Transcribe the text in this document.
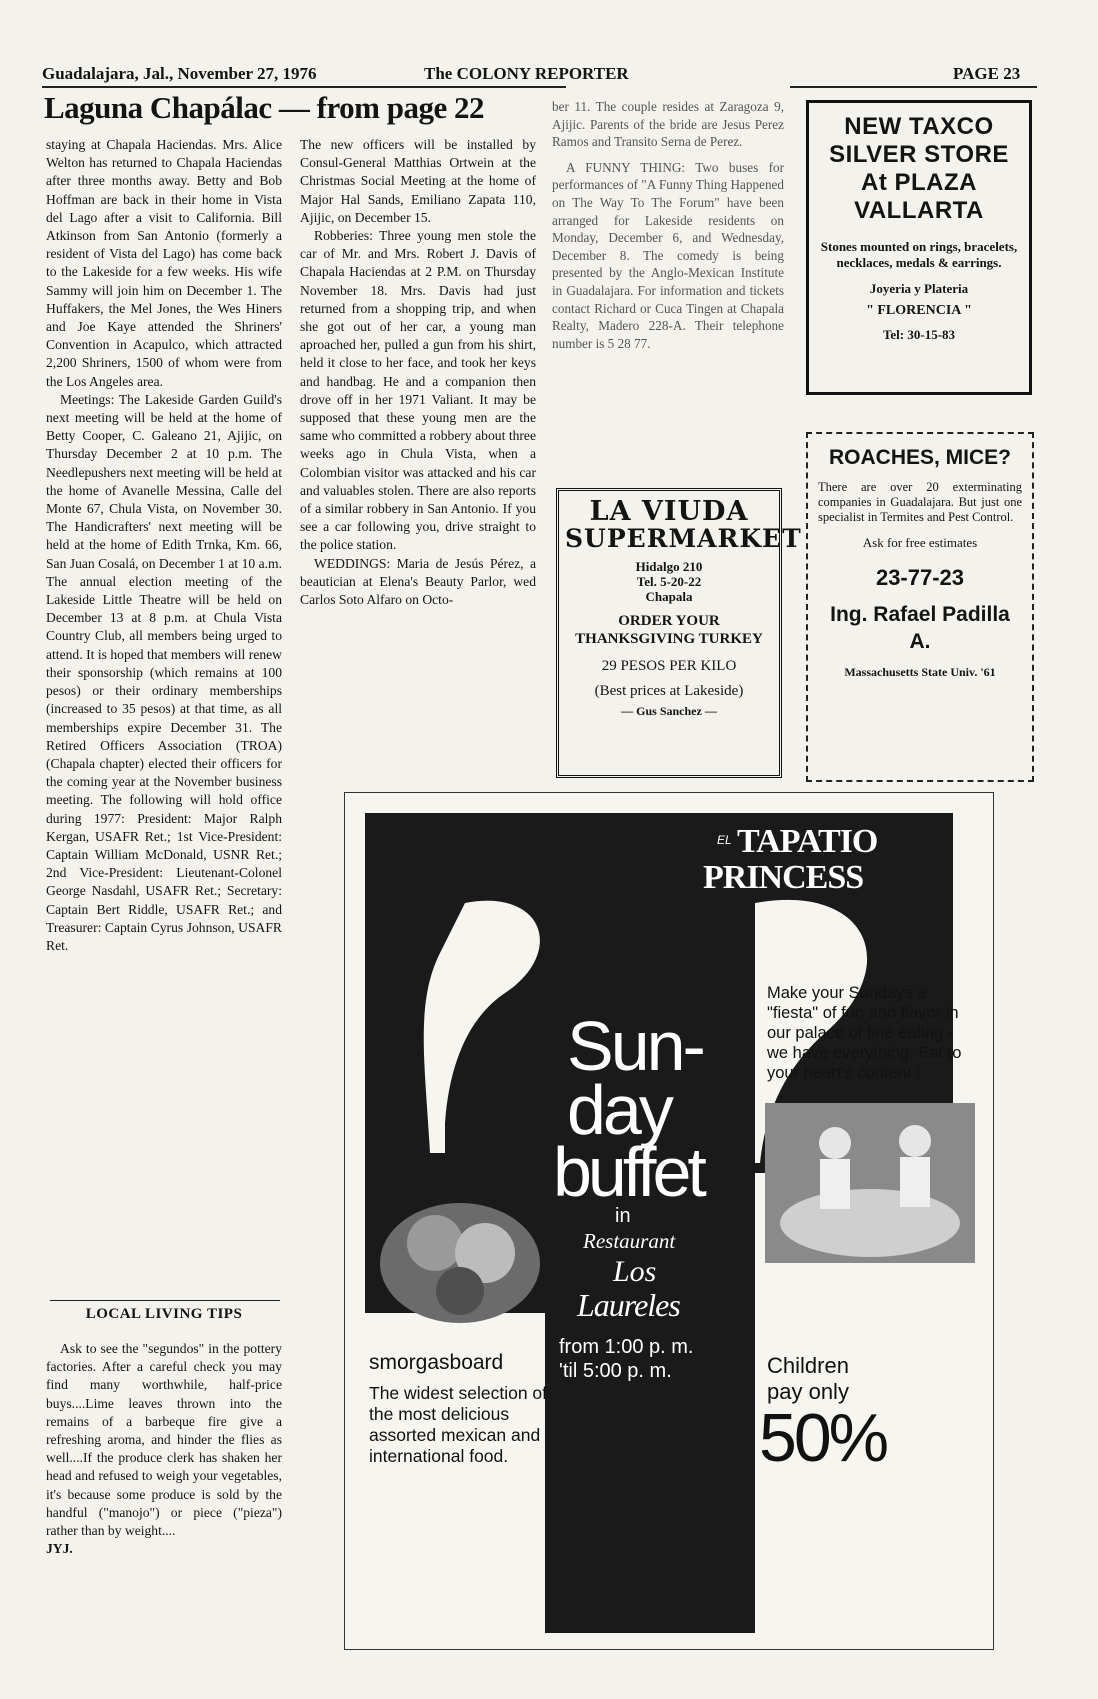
Guadalajara, Jal., November 27, 1976	The COLONY REPORTER	PAGE 23
Laguna Chapálac — from page 22

staying at Chapala Haciendas. Mrs. Alice Welton has returned to Chapala Haciendas after three months away. Betty and Bob Hoffman are back in their home in Vista del Lago after a visit to California. Bill Atkinson from San Antonio (formerly a resident of Vista del Lago) has come back to the Lakeside for a few weeks. His wife Sammy will join him on December 1. The Huffakers, the Mel Jones, the Wes Hiners and Joe Kaye attended the Shriners' Convention in Acapulco, which attracted 2,200 Shriners, 1500 of whom were from the Los Angeles area.

Meetings: The Lakeside Garden Guild's next meeting will be held at the home of Betty Cooper, C. Galeano 21, Ajijic, on Thursday December 2 at 10 p.m. The Needlepushers next meeting will be held at the home of Avanelle Messina, Calle del Monte 67, Chula Vista, on November 30. The Handicrafters' next meeting will be held at the home of Edith Trnka, Km. 66, San Juan Cosalá, on December 1 at 10 a.m. The annual election meeting of the Lakeside Little Theatre will be held on December 13 at 8 p.m. at Chula Vista Country Club, all members being urged to attend. It is hoped that members will renew their sponsorship (which remains at 100 pesos) or their ordinary memberships (increased to 35 pesos) at that time, as all memberships expire December 31. The Retired Officers Association (TROA) (Chapala chapter) elected their officers for the coming year at the November business meeting. The following will hold office during 1977: President: Major Ralph Kergan, USAFR Ret.; 1st Vice-President: Captain William McDonald, USNR Ret.; 2nd Vice-President: Lieutenant-Colonel George Nasdahl, USAFR Ret.; Secretary: Captain Bert Riddle, USAFR Ret.; and Treasurer: Captain Cyrus Johnson, USAFR Ret.

LOCAL LIVING TIPS

Ask to see the "segundos" in the pottery factories. After a careful check you may find many worthwhile, half-price buys....Lime leaves thrown into the remains of a barbeque fire give a refreshing aroma, and hinder the flies as well....If the produce clerk has shaken her head and refused to weigh your vegetables, it's because some produce is sold by the handful ("manojo") or piece ("pieza") rather than by weight....

JYJ.

The new officers will be installed by Consul-General Matthias Ortwein at the Christmas Social Meeting at the home of Major Hal Sands, Emiliano Zapata 110, Ajijic, on December 15.

Robberies: Three young men stole the car of Mr. and Mrs. Robert J. Davis of Chapala Haciendas at 2 P.M. on Thursday November 18. Mrs. Davis had just returned from a shopping trip, and when she got out of her car, a young man aproached her, pulled a gun from his shirt, held it close to her face, and took her keys and handbag. He and a companion then drove off in her 1971 Valiant. It may be supposed that these young men are the same who committed a robbery about three weeks ago in Chula Vista, when a Colombian visitor was attacked and his car and valuables stolen. There are also reports of a similar robbery in San Antonio. If you see a car following you, drive straight to the police station.

WEDDINGS: Maria de Jesús Pérez, a beautician at Elena's Beauty Parlor, wed Carlos Soto Alfaro on Octo-

ber 11. The couple resides at Zaragoza 9, Ajijic. Parents of the bride are Jesus Perez Ramos and Transito Serna de Perez.

A FUNNY THING: Two buses for performances of "A Funny Thing Happened on The Way To The Forum" have been arranged for Lakeside residents on Monday, December 6, and Wednesday, December 8. The comedy is being presented by the Anglo-Mexican Institute in Guadalajara. For information and tickets contact Richard or Cuca Tingen at Chapala Realty, Madero 228-A. Their telephone number is 5 28 77.

NEW TAXCO SILVER STORE At PLAZA VALLARTA
Stones mounted on rings, bracelets, necklaces, medals & earrings.
Joyeria y Plateria
" FLORENCIA "
Tel: 30-15-83
ROACHES, MICE?
There are over 20 exterminating companies in Guadalajara. But just one specialist in Termites and Pest Control.
Ask for free estimates
23-77-23
Ing. Rafael Padilla A.
Massachusetts State Univ. '61
LA VIUDA
SUPERMARKET
Hidalgo 210
Tel. 5-20-22
Chapala
ORDER YOUR THANKSGIVING TURKEY
29 PESOS PER KILO
(Best prices at Lakeside)
— Gus Sanchez —
EL TAPATIO
PRINCESS
Sun-
day
buffet
in
Restaurant
Los
Laureles
from 1:00 p. m.
'til 5:00 p. m.
Make your Sundays a "fiesta" of fun and flavor in our palace of fine eating - we have everything. Eat to your heart's content !
Children
pay only
50%
smorgasboard
The widest selection of the most delicious assorted mexican and international food.
